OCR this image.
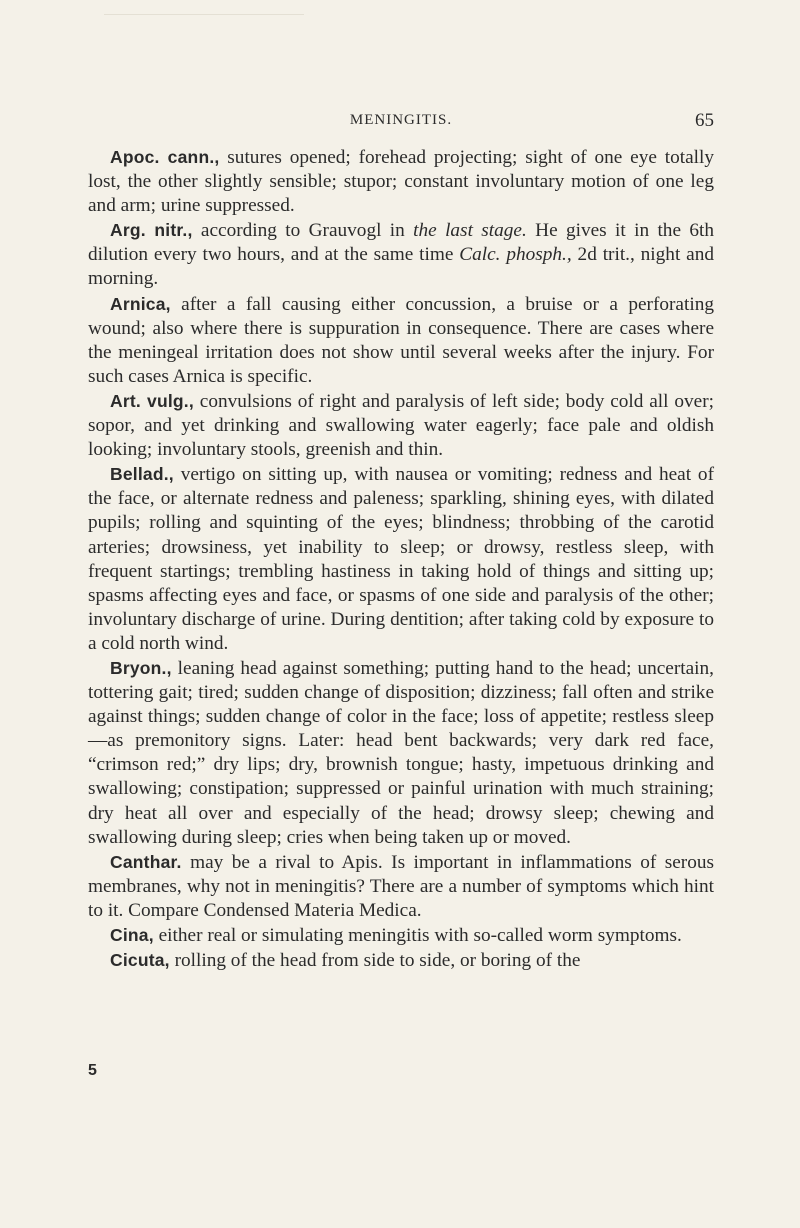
MENINGITIS.	65

Apoc. cann., sutures opened; forehead projecting; sight of one eye totally lost, the other slightly sensible; stupor; constant involuntary motion of one leg and arm; urine suppressed.

Arg. nitr., according to Grauvogl in the last stage. He gives it in the 6th dilution every two hours, and at the same time Calc. phosph., 2d trit., night and morning.

Arnica, after a fall causing either concussion, a bruise or a perforating wound; also where there is suppuration in consequence. There are cases where the meningeal irritation does not show until several weeks after the injury. For such cases Arnica is specific.

Art. vulg., convulsions of right and paralysis of left side; body cold all over; sopor, and yet drinking and swallowing water eagerly; face pale and oldish looking; involuntary stools, greenish and thin.

Bellad., vertigo on sitting up, with nausea or vomiting; redness and heat of the face, or alternate redness and paleness; sparkling, shining eyes, with dilated pupils; rolling and squinting of the eyes; blindness; throbbing of the carotid arteries; drowsiness, yet inability to sleep; or drowsy, restless sleep, with frequent startings; trembling hastiness in taking hold of things and sitting up; spasms affecting eyes and face, or spasms of one side and paralysis of the other; involuntary discharge of urine. During dentition; after taking cold by exposure to a cold north wind.

Bryon., leaning head against something; putting hand to the head; uncertain, tottering gait; tired; sudden change of disposition; dizziness; fall often and strike against things; sudden change of color in the face; loss of appetite; restless sleep—as premonitory signs. Later: head bent backwards; very dark red face, “crimson red;” dry lips; dry, brownish tongue; hasty, impetuous drinking and swallowing; constipation; suppressed or painful urination with much straining; dry heat all over and especially of the head; drowsy sleep; chewing and swallowing during sleep; cries when being taken up or moved.

Canthar. may be a rival to Apis. Is important in inflammations of serous membranes, why not in meningitis? There are a number of symptoms which hint to it. Compare Condensed Materia Medica.

Cina, either real or simulating meningitis with so-called worm symptoms.

Cicuta, rolling of the head from side to side, or boring of the

5
